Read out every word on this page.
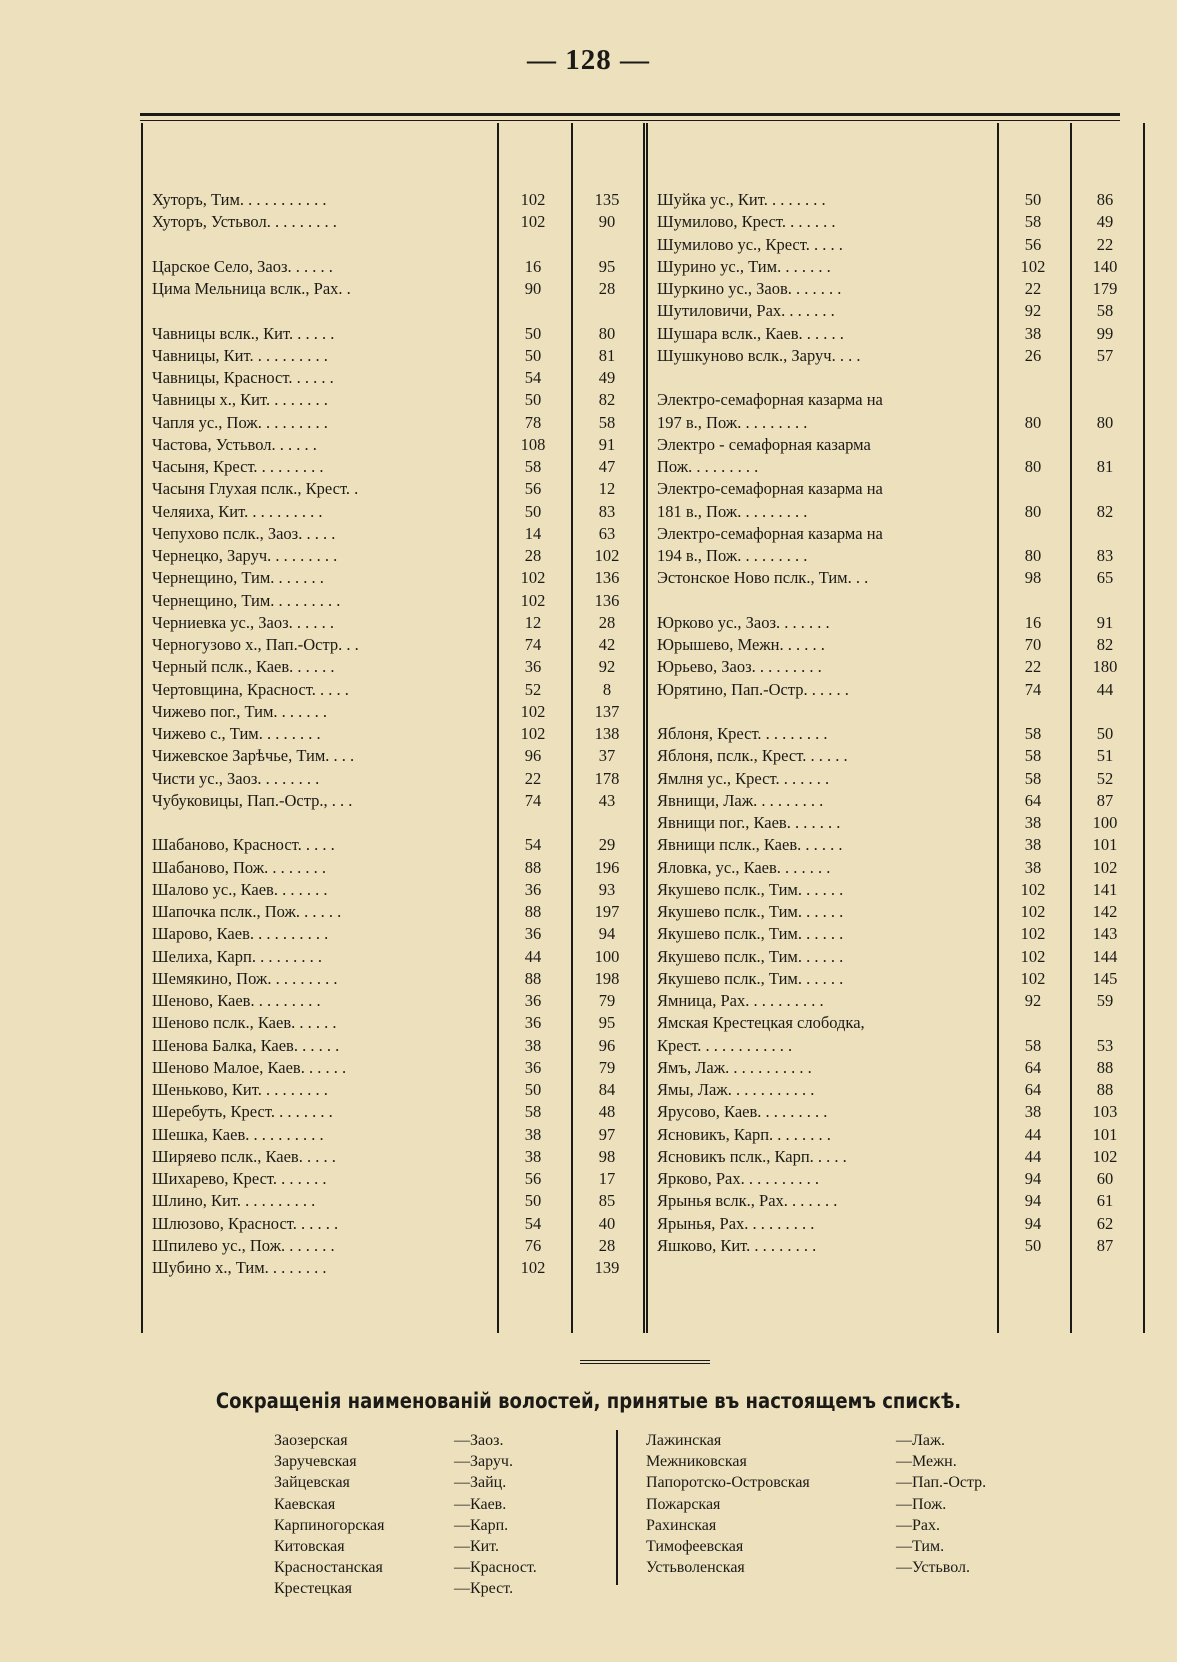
— 128 —
Хуторъ, Тим. . . . . . . . . . .	102	135
Хуторъ, Устьвол. . . . . . . . .	102	90
Царское Село, Заоз. . . . . .	16	95
Цима Мельница вслк., Рах. .	90	28
Чавницы вслк., Кит. . . . . .	50	80
Чавницы, Кит. . . . . . . . . .	50	81
Чавницы, Красност. . . . . .	54	49
Чавницы х., Кит. . . . . . . .	50	82
Чапля ус., Пож. . . . . . . . .	78	58
Частова, Устьвол. . . . . .	108	91
Часыня, Крест. . . . . . . . .	58	47
Часыня Глухая пслк., Крест. .	56	12
Челяиха, Кит. . . . . . . . . .	50	83
Чепухово пслк., Заоз. . . . .	14	63
Чернецко, Заруч. . . . . . . . .	28	102
Чернещино, Тим. . . . . . .	102	136
Чернещино, Тим. . . . . . . . .	102	136
Черниевка ус., Заоз. . . . . .	12	28
Черногузово х., Пап.-Остр. . .	74	42
Черный пслк., Каев. . . . . .	36	92
Чертовщина, Красност. . . . .	52	8
Чижево пог., Тим. . . . . . .	102	137
Чижево с., Тим. . . . . . . .	102	138
Чижевское Зарѣчье, Тим. . . .	96	37
Чисти ус., Заоз. . . . . . . .	22	178
Чубуковицы, Пап.-Остр., . . .	74	43
Шабаново, Красност. . . . .	54	29
Шабаново, Пож. . . . . . . .	88	196
Шалово ус., Каев. . . . . . .	36	93
Шапочка пслк., Пож. . . . . .	88	197
Шарово, Каев. . . . . . . . . .	36	94
Шелиха, Карп. . . . . . . . .	44	100
Шемякино, Пож. . . . . . . . .	88	198
Шеново, Каев. . . . . . . . .	36	79
Шеново пслк., Каев. . . . . .	36	95
Шенова Балка, Каев. . . . . .	38	96
Шеново Малое, Каев. . . . . .	36	79
Шеньково, Кит. . . . . . . . .	50	84
Шеребуть, Крест. . . . . . . .	58	48
Шешка, Каев. . . . . . . . . .	38	97
Ширяево пслк., Каев. . . . .	38	98
Шихарево, Крест. . . . . . .	56	17
Шлино, Кит. . . . . . . . . .	50	85
Шлюзово, Красност. . . . . .	54	40
Шпилево ус., Пож. . . . . . .	76	28
Шубино х., Тим. . . . . . . .	102	139
Шуйка ус., Кит. . . . . . . .	50	86
Шумилово, Крест. . . . . . .	58	49
Шумилово ус., Крест. . . . .	56	22
Шурино ус., Тим. . . . . . .	102	140
Шуркино ус., Заов. . . . . . .	22	179
Шутиловичи, Рах. . . . . . .	92	58
Шушара вслк., Каев. . . . . .	38	99
Шушкуново вслк., Заруч. . . .	26	57
Электро-семафорная казарма на
197 в., Пож. . . . . . . . .	80	80
Электро - семафорная казарма
Пож. . . . . . . . .	80	81
Электро-семафорная казарма на
181 в., Пож. . . . . . . . .	80	82
Электро-семафорная казарма на
194 в., Пож. . . . . . . . .	80	83
Эстонское Ново пслк., Тим. . .	98	65
Юрково ус., Заоз. . . . . . .	16	91
Юрышево, Межн. . . . . .	70	82
Юрьево, Заоз. . . . . . . . .	22	180
Юрятино, Пап.-Остр. . . . . .	74	44
Яблоня, Крест. . . . . . . . .	58	50
Яблоня, пслк., Крест. . . . . .	58	51
Ямлня ус., Крест. . . . . . .	58	52
Явнищи, Лаж. . . . . . . . .	64	87
Явнищи пог., Каев. . . . . . .	38	100
Явнищи пслк., Каев. . . . . .	38	101
Яловка, ус., Каев. . . . . . .	38	102
Якушево пслк., Тим. . . . . .	102	141
Якушево пслк., Тим. . . . . .	102	142
Якушево пслк., Тим. . . . . .	102	143
Якушево пслк., Тим. . . . . .	102	144
Якушево пслк., Тим. . . . . .	102	145
Ямница, Рах. . . . . . . . . .	92	59
Ямская Крестецкая слободка,
Крест. . . . . . . . . . . .	58	53
Ямъ, Лаж. . . . . . . . . . .	64	88
Ямы, Лаж. . . . . . . . . . .	64	88
Ярусово, Каев. . . . . . . . .	38	103
Ясновикъ, Карп. . . . . . . .	44	101
Ясновикъ пслк., Карп. . . . .	44	102
Ярково, Рах. . . . . . . . . .	94	60
Ярынья вслк., Рах. . . . . . .	94	61
Ярынья, Рах. . . . . . . . .	94	62
Яшково, Кит. . . . . . . . .	50	87
Сокращенія наименованій волостей, принятые въ настоящемъ спискѣ.
Заозерская	—Заоз.
Заручевская	—Заруч.
Зайцевская	—Зайц.
Каевская	—Каев.
Карпиногорская	—Карп.
Китовская	—Кит.
Красностанская	—Красност.
Крестецкая	—Крест.
Лажинская	—Лаж.
Межниковская	—Межн.
Папоротско-Островская	—Пап.-Остр.
Пожарская	—Пож.
Рахинская	—Рах.
Тимофеевская	—Тим.
Устьволенская	—Устьвол.
